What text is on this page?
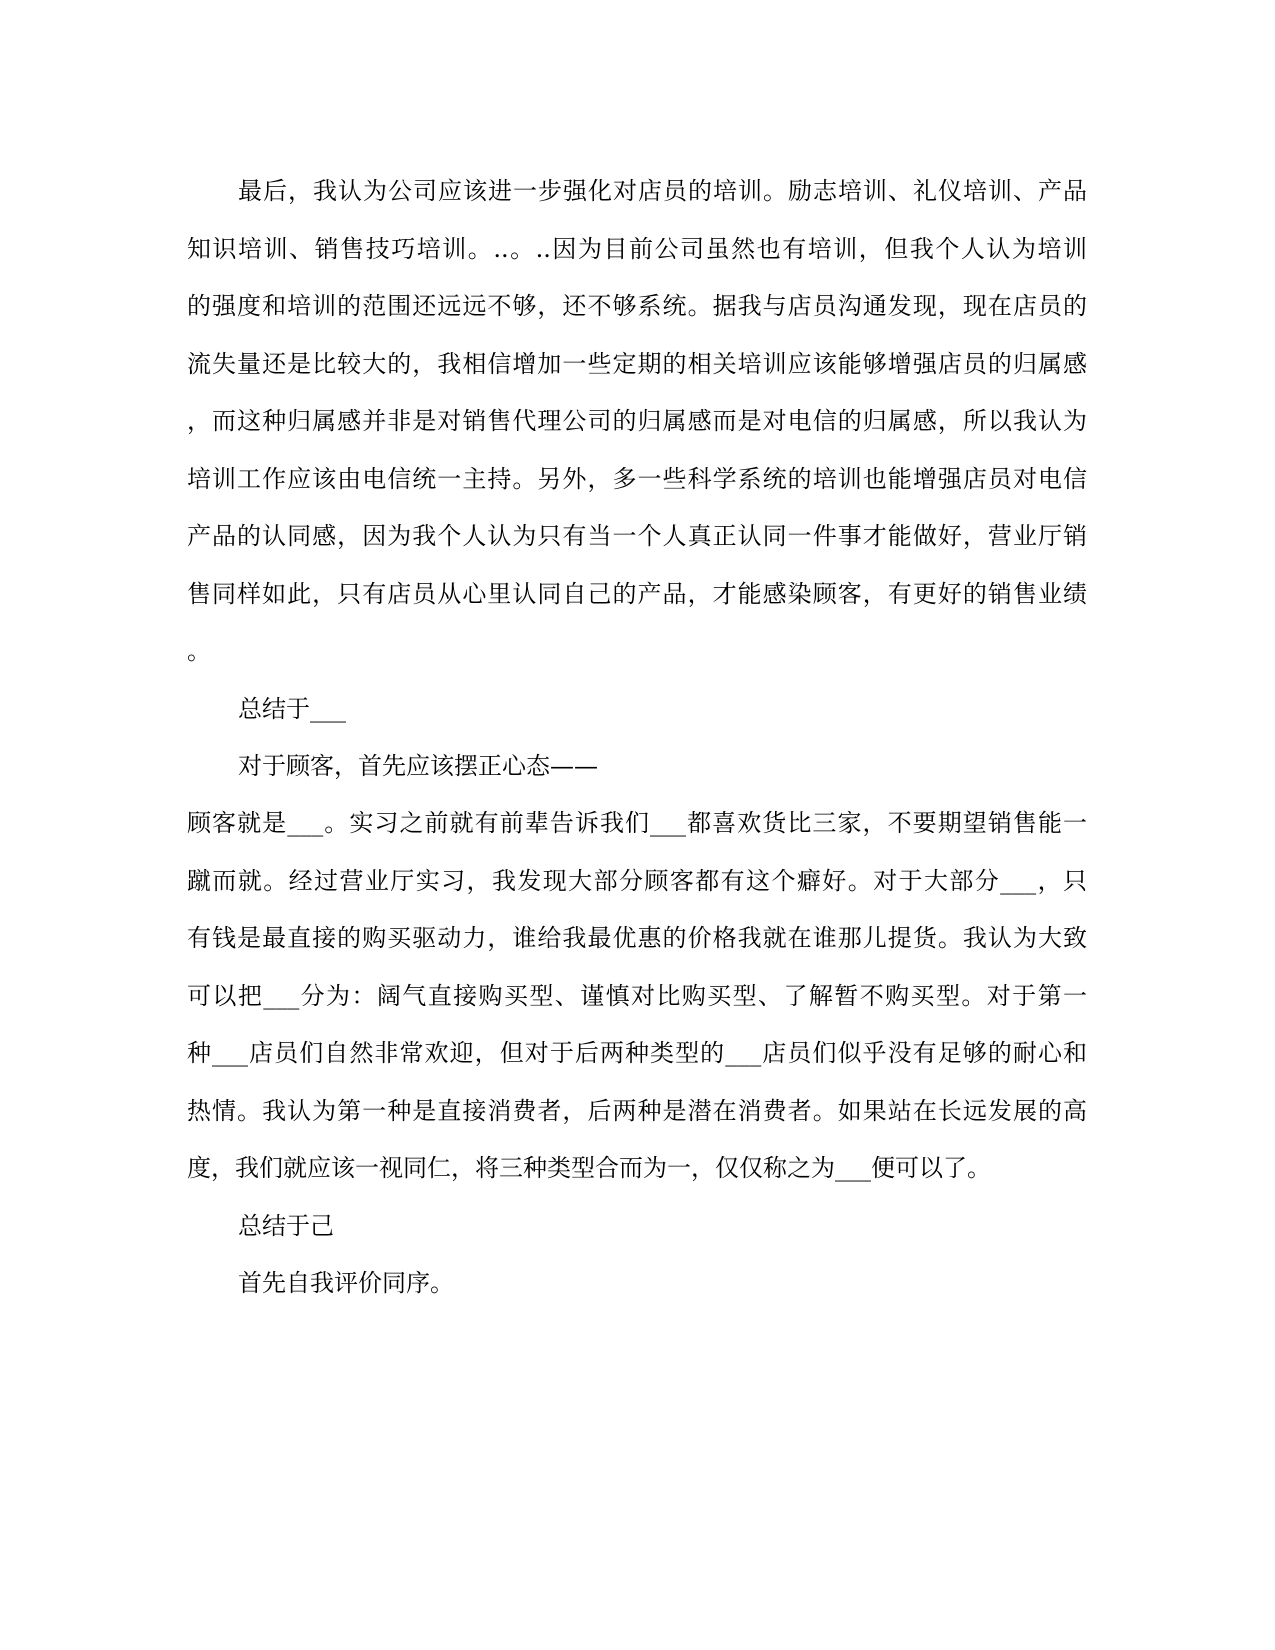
最后，我认为公司应该进一步强化对店员的培训。励志培训、礼仪培训、产品
知识培训、销售技巧培训。..。..因为目前公司虽然也有培训，但我个人认为培训
的强度和培训的范围还远远不够，还不够系统。据我与店员沟通发现，现在店员的
流失量还是比较大的，我相信增加一些定期的相关培训应该能够增强店员的归属感
，而这种归属感并非是对销售代理公司的归属感而是对电信的归属感，所以我认为
培训工作应该由电信统一主持。另外，多一些科学系统的培训也能增强店员对电信
产品的认同感，因为我个人认为只有当一个人真正认同一件事才能做好，营业厅销
售同样如此，只有店员从心里认同自己的产品，才能感染顾客，有更好的销售业绩
。
总结于___
对于顾客，首先应该摆正心态——
顾客就是___。实习之前就有前辈告诉我们___都喜欢货比三家，不要期望销售能一
蹴而就。经过营业厅实习，我发现大部分顾客都有这个癖好。对于大部分___，只
有钱是最直接的购买驱动力，谁给我最优惠的价格我就在谁那儿提货。我认为大致
可以把___分为：阔气直接购买型、谨慎对比购买型、了解暂不购买型。对于第一
种___店员们自然非常欢迎，但对于后两种类型的___店员们似乎没有足够的耐心和
热情。我认为第一种是直接消费者，后两种是潜在消费者。如果站在长远发展的高
度，我们就应该一视同仁，将三种类型合而为一，仅仅称之为___便可以了。
总结于己
首先自我评价同序。
